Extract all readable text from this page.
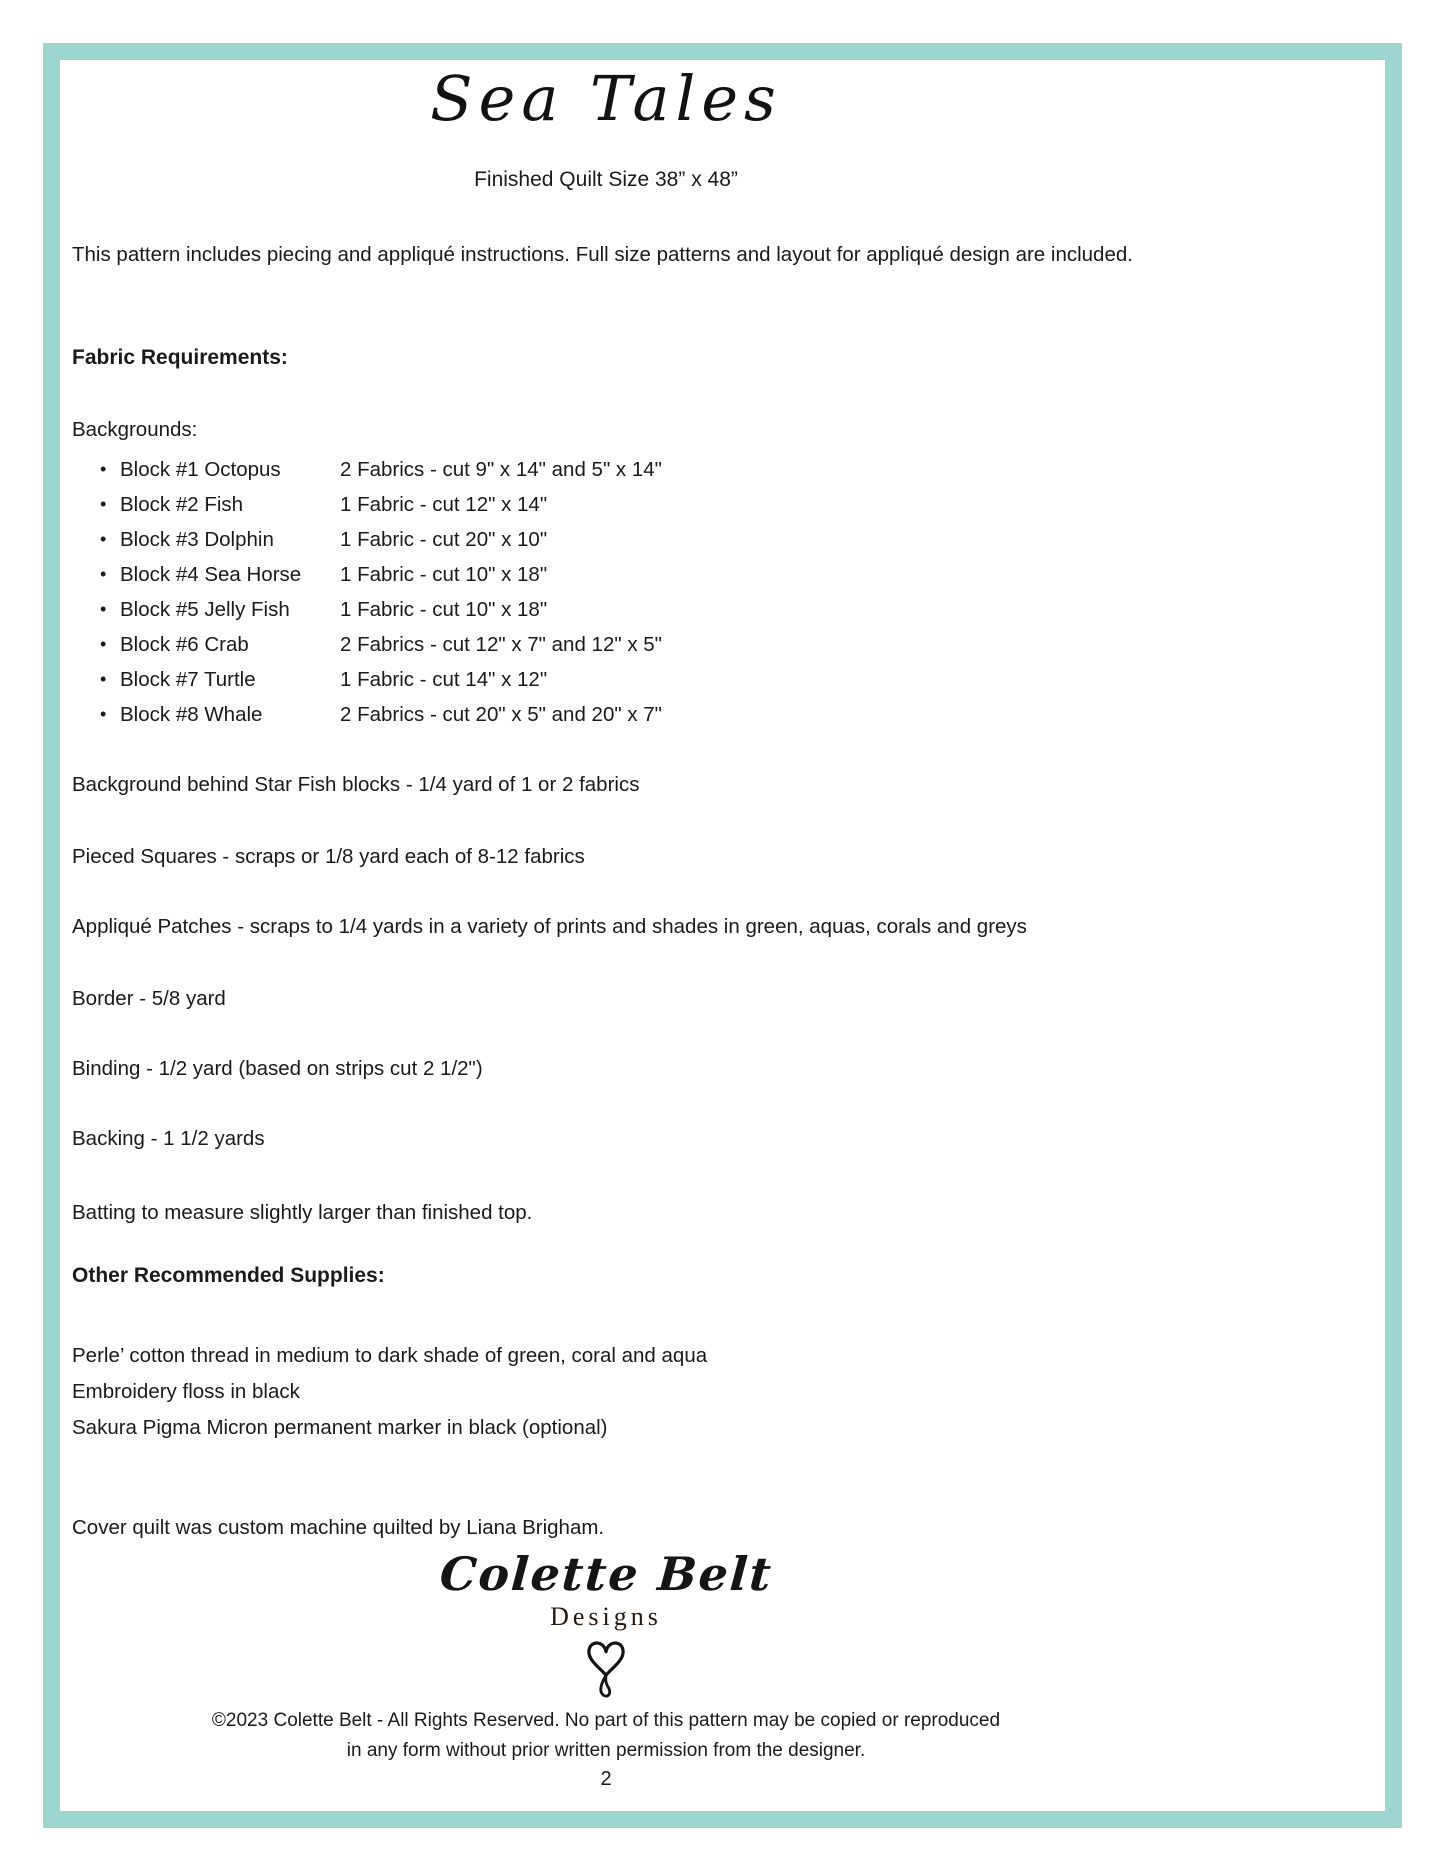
Sea Tales
Finished Quilt Size 38” x 48”
This pattern includes piecing and appliqué instructions. Full size patterns and layout for appliqué design are included.
Fabric Requirements:
Backgrounds:
• Block #1 Octopus	2 Fabrics - cut 9" x 14" and 5" x 14"
• Block #2 Fish	1 Fabric - cut 12" x 14"
• Block #3 Dolphin	1 Fabric - cut 20" x 10"
• Block #4 Sea Horse	1 Fabric - cut 10" x 18"
• Block #5 Jelly Fish	1 Fabric - cut 10" x 18"
• Block #6 Crab	2 Fabrics - cut 12" x 7" and 12" x 5"
• Block #7 Turtle	1 Fabric - cut 14" x 12"
• Block #8 Whale	2 Fabrics - cut 20" x 5" and 20" x 7"
Background behind Star Fish blocks - 1/4 yard of 1 or 2 fabrics
Pieced Squares - scraps or 1/8 yard each of 8-12 fabrics
Appliqué Patches - scraps to 1/4 yards in a variety of prints and shades in green, aquas, corals and greys
Border - 5/8 yard
Binding - 1/2 yard (based on strips cut 2 1/2")
Backing - 1 1/2 yards
Batting to measure slightly larger than finished top.
Other Recommended Supplies:
Perle’ cotton thread in medium to dark shade of green, coral and aqua
Embroidery floss in black
Sakura Pigma Micron permanent marker in black (optional)
Cover quilt was custom machine quilted by Liana Brigham.
Colette Belt
Designs
©2023 Colette Belt - All Rights Reserved. No part of this pattern may be copied or reproduced
in any form without prior written permission from the designer.
2
